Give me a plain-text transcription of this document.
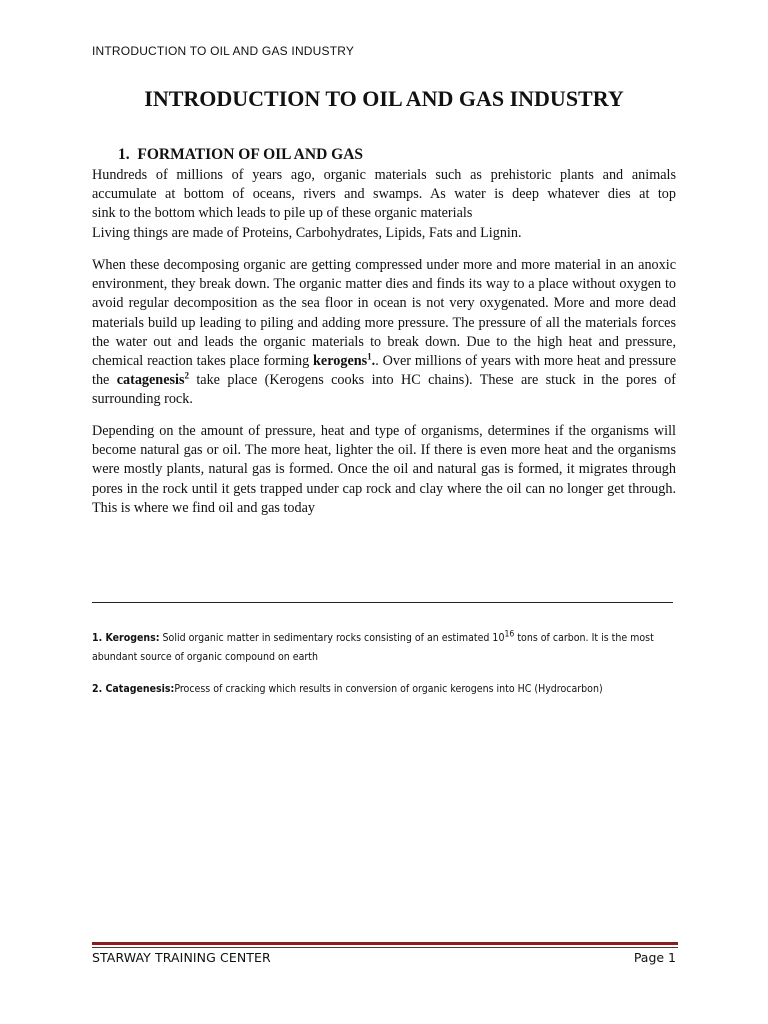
INTRODUCTION TO OIL AND GAS INDUSTRY
INTRODUCTION TO OIL AND GAS INDUSTRY
1. FORMATION OF OIL AND GAS

Hundreds of millions of years ago, organic materials such as prehistoric plants and animals
accumulate at bottom of oceans, rivers and swamps. As water is deep whatever dies at top
sink to the bottom which leads to pile up of these organic materials
Living things are made of Proteins, Carbohydrates, Lipids, Fats and Lignin.

When these decomposing organic are getting compressed under more and more material in an anoxic environment, they break down. The organic matter dies and finds its way to a place without oxygen to avoid regular decomposition as the sea floor in ocean is not very oxygenated. More and more dead materials build up leading to piling and adding more pressure. The pressure of all the materials forces the water out and leads the organic materials to break down. Due to the high heat and pressure, chemical reaction takes place forming kerogens$^1$.. Over millions of years with more heat and pressure the catagenesis$^2$ take place (Kerogens cooks into HC chains). These are stuck in the pores of surrounding rock.

Depending on the amount of pressure, heat and type of organisms, determines if the organisms will become natural gas or oil. The more heat, lighter the oil. If there is even more heat and the organisms were mostly plants, natural gas is formed. Once the oil and natural gas is formed, it migrates through pores in the rock until it gets trapped under cap rock and clay where the oil can no longer get through. This is where we find oil and gas today

1. Kerogens: Solid organic matter in sedimentary rocks consisting of an estimated $10^{16}$ tons of carbon. It is the most abundant source of organic compound on earth

2. Catagenesis:Process of cracking which results in conversion of organic kerogens into HC (Hydrocarbon)

STARWAY TRAINING CENTER	Page 1
